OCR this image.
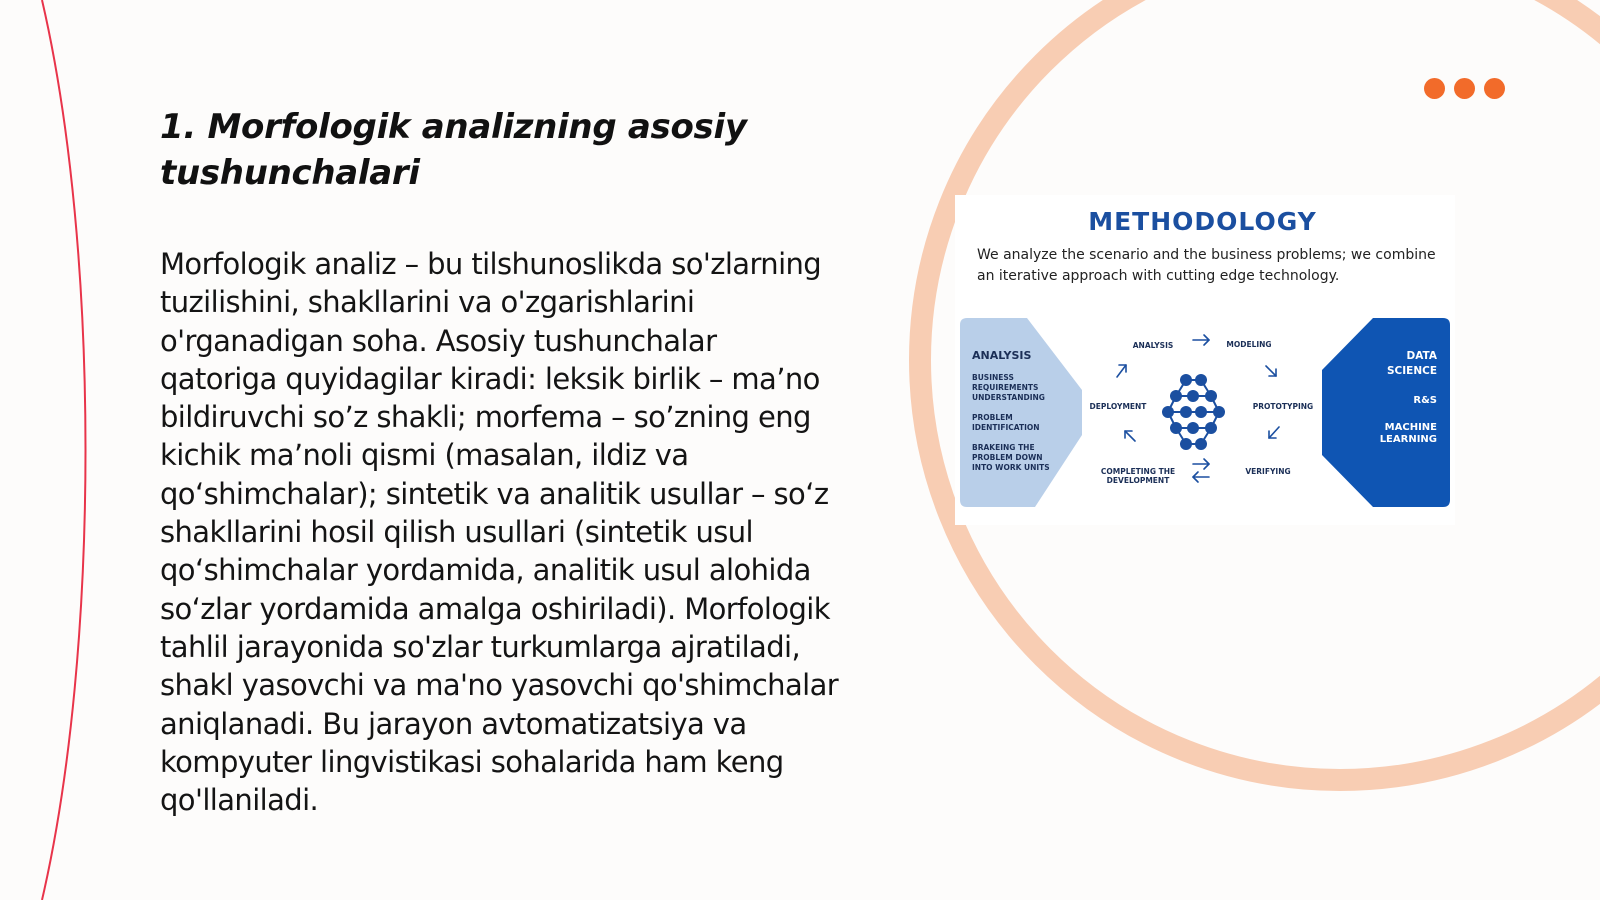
1. Morfologik analizning asosiy tushunchalari

Morfologik analiz – bu tilshunoslikda so'zlarning tuzilishini, shakllarini va o'zgarishlarini o'rganadigan soha. Asosiy tushunchalar qatoriga quyidagilar kiradi: leksik birlik – ma’no bildiruvchi so’z shakli; morfema – so’zning eng kichik ma’noli qismi (masalan, ildiz va qo‘shimchalar); sintetik va analitik usullar – so‘z shakllarini hosil qilish usullari (sintetik usul qo‘shimchalar yordamida, analitik usul alohida so‘zlar yordamida amalga oshiriladi). Morfologik tahlil jarayonida so'zlar turkumlarga ajratiladi, shakl yasovchi va ma'no yasovchi qo'shimchalar aniqlanadi. Bu jarayon avtomatizatsiya va kompyuter lingvistikasi sohalarida ham keng qo'llaniladi.

METHODOLOGY
We analyze the scenario and the business problems; we combine an iterative approach with cutting edge technology.
ANALYSIS
BUSINESS
REQUIREMENTS
UNDERSTANDING
PROBLEM
IDENTIFICATION
BRAKEING THE
PROBLEM DOWN
INTO WORK UNITS
DATA
SCIENCE
R&S
MACHINE
LEARNING
ANALYSIS	MODELING
DEPLOYMENT	PROTOTYPING
COMPLETING THE
DEVELOPMENT
VERIFYING
